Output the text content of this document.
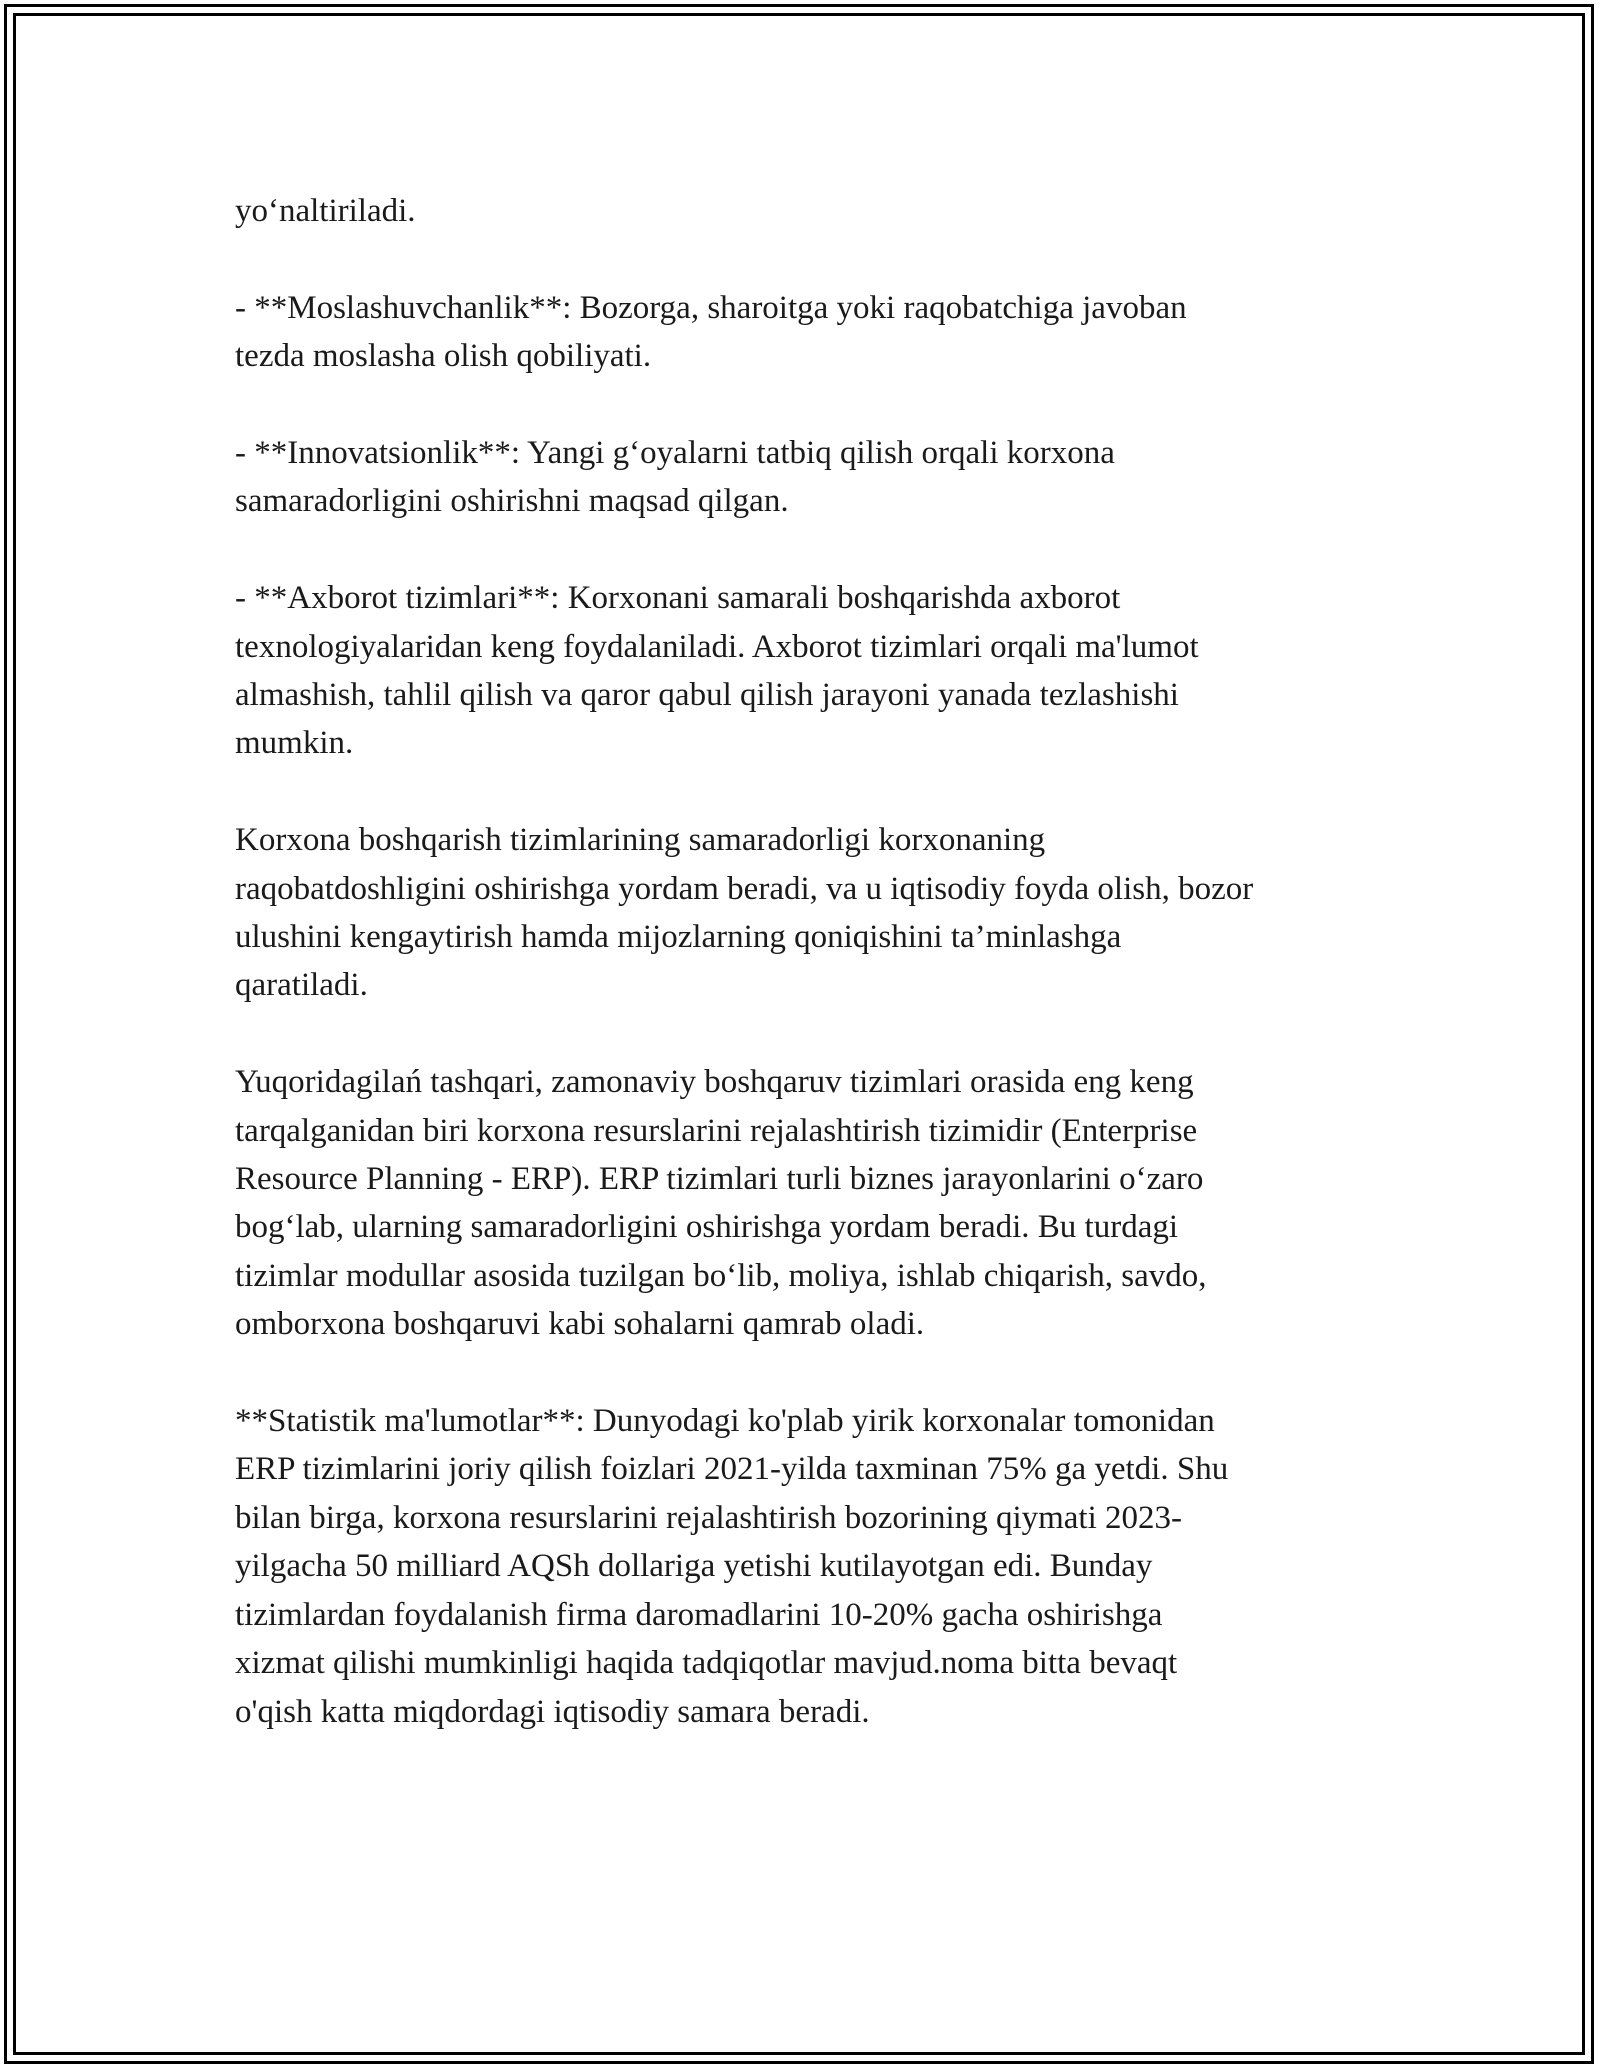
yo‘naltiriladi.

- **Moslashuvchanlik**: Bozorga, sharoitga yoki raqobatchiga javoban
tezda moslasha olish qobiliyati.

- **Innovatsionlik**: Yangi g‘oyalarni tatbiq qilish orqali korxona
samaradorligini oshirishni maqsad qilgan.

- **Axborot tizimlari**: Korxonani samarali boshqarishda axborot
texnologiyalaridan keng foydalaniladi. Axborot tizimlari orqali ma'lumot
almashish, tahlil qilish va qaror qabul qilish jarayoni yanada tezlashishi
mumkin.

Korxona boshqarish tizimlarining samaradorligi korxonaning
raqobatdoshligini oshirishga yordam beradi, va u iqtisodiy foyda olish, bozor
ulushini kengaytirish hamda mijozlarning qoniqishini ta’minlashga
qaratiladi.

Yuqoridagilań tashqari, zamonaviy boshqaruv tizimlari orasida eng keng
tarqalganidan biri korxona resurslarini rejalashtirish tizimidir (Enterprise
Resource Planning - ERP). ERP tizimlari turli biznes jarayonlarini o‘zaro
bog‘lab, ularning samaradorligini oshirishga yordam beradi. Bu turdagi
tizimlar modullar asosida tuzilgan bo‘lib, moliya, ishlab chiqarish, savdo,
omborxona boshqaruvi kabi sohalarni qamrab oladi.

**Statistik ma'lumotlar**: Dunyodagi ko'plab yirik korxonalar tomonidan
ERP tizimlarini joriy qilish foizlari 2021-yilda taxminan 75% ga yetdi. Shu
bilan birga, korxona resurslarini rejalashtirish bozorining qiymati 2023-
yilgacha 50 milliard AQSh dollariga yetishi kutilayotgan edi. Bunday
tizimlardan foydalanish firma daromadlarini 10-20% gacha oshirishga
xizmat qilishi mumkinligi haqida tadqiqotlar mavjud.noma bitta bevaqt
o'qish katta miqdordagi iqtisodiy samara beradi.
